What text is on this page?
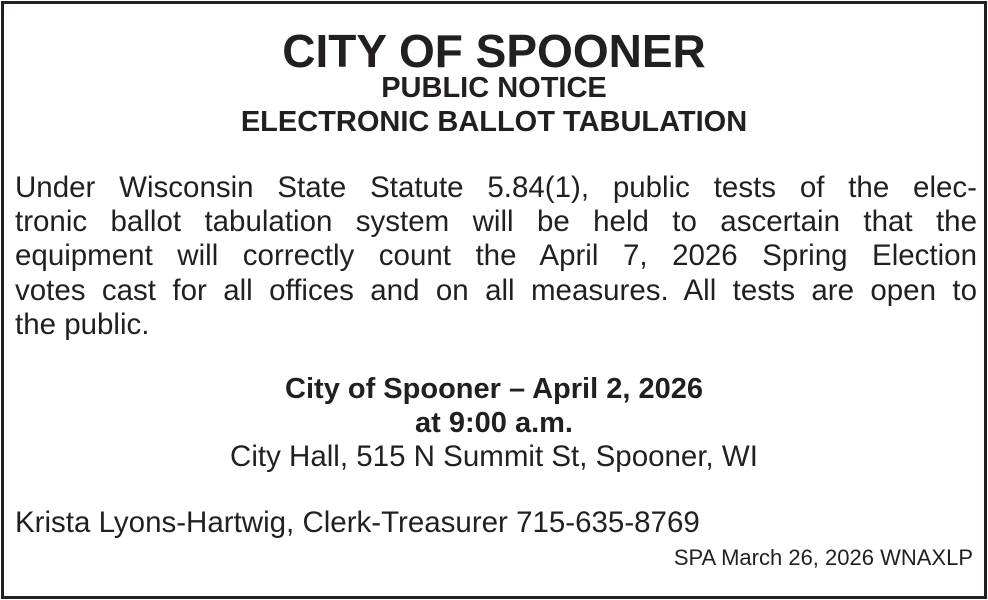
CITY OF SPOONER
PUBLIC NOTICE
ELECTRONIC BALLOT TABULATION

Under Wisconsin State Statute 5.84(1), public tests of the elec-
tronic ballot tabulation system will be held to ascertain that the
equipment will correctly count the April 7, 2026 Spring Election
votes cast for all offices and on all measures. All tests are open to
the public.

City of Spooner – April 2, 2026
at 9:00 a.m.
City Hall, 515 N Summit St, Spooner, WI
Krista Lyons-Hartwig, Clerk-Treasurer 715-635-8769
SPA March 26, 2026 WNAXLP
